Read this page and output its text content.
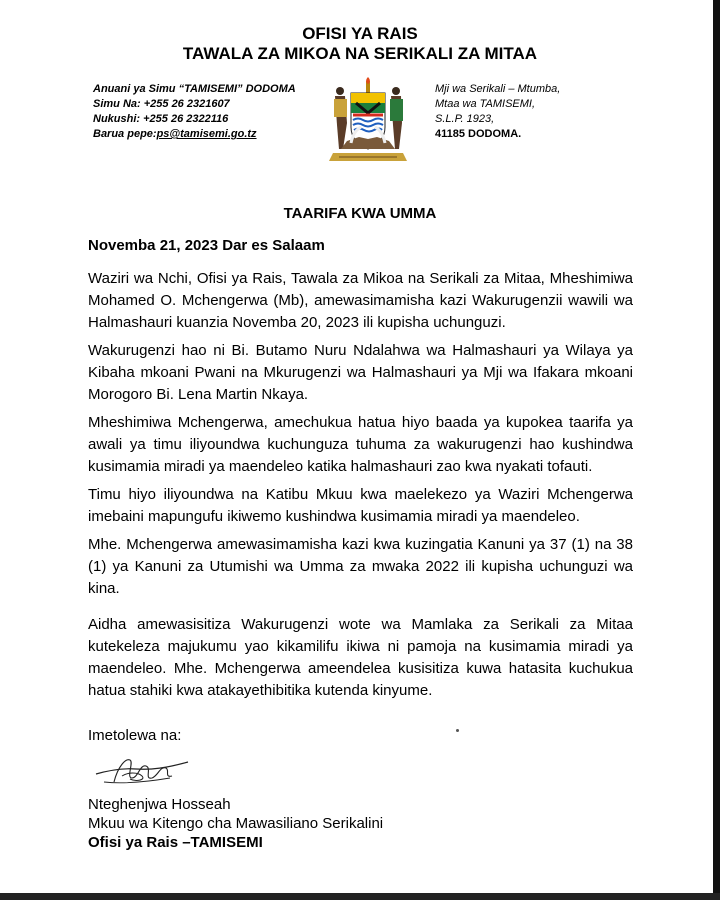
OFISI YA RAIS
TAWALA ZA MIKOA NA SERIKALI ZA MITAA
Anuani ya Simu “TAMISEMI” DODOMA
Simu Na: +255 26 2321607
Nukushi: +255 26 2322116
Barua pepe:ps@tamisemi.go.tz
Mji wa Serikali – Mtumba,
Mtaa wa TAMISEMI,
S.L.P. 1923,
41185 DODOMA.
TAARIFA KWA UMMA
Novemba 21, 2023 Dar es Salaam
Waziri wa Nchi, Ofisi ya Rais, Tawala za Mikoa na Serikali za Mitaa, Mheshimiwa Mohamed O. Mchengerwa (Mb), amewasimamisha kazi Wakurugenzii wawili wa Halmashauri kuanzia Novemba 20, 2023 ili kupisha uchunguzi.
Wakurugenzi hao ni Bi. Butamo Nuru Ndalahwa wa Halmashauri ya Wilaya ya Kibaha mkoani Pwani na Mkurugenzi wa Halmashauri ya Mji wa Ifakara mkoani Morogoro Bi. Lena Martin Nkaya.
Mheshimiwa Mchengerwa, amechukua hatua hiyo baada ya kupokea taarifa ya awali ya timu iliyoundwa kuchunguza tuhuma za wakurugenzi hao kushindwa kusimamia miradi ya maendeleo katika halmashauri zao kwa nyakati tofauti.
Timu hiyo iliyoundwa na Katibu Mkuu kwa maelekezo ya Waziri Mchengerwa imebaini mapungufu ikiwemo kushindwa kusimamia miradi ya maendeleo.
Mhe. Mchengerwa amewasimamisha kazi kwa kuzingatia Kanuni ya 37 (1) na 38 (1) ya Kanuni za Utumishi wa Umma za mwaka 2022 ili kupisha uchunguzi wa kina.
Aidha amewasisitiza Wakurugenzi wote wa Mamlaka za Serikali za Mitaa kutekeleza majukumu yao kikamilifu ikiwa ni pamoja na kusimamia miradi ya maendeleo. Mhe. Mchengerwa ameendelea kusisitiza kuwa hatasita kuchukua hatua stahiki kwa atakayethibitika kutenda kinyume.
Imetolewa na:
Nteghenjwa Hosseah
Mkuu wa Kitengo cha Mawasiliano Serikalini
Ofisi ya Rais –TAMISEMI
